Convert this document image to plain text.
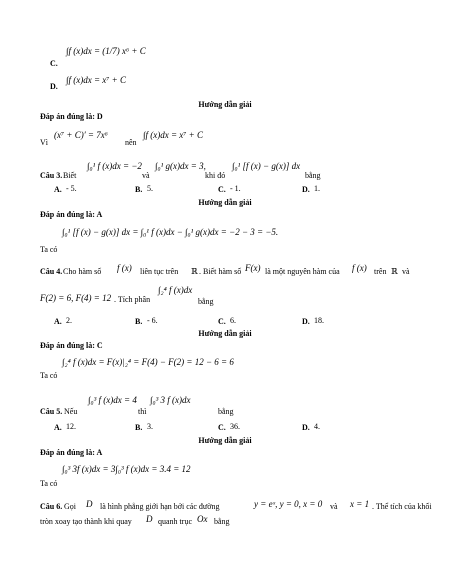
C.
∫f (x)dx = (1/7) x⁶ + C
D.
∫f (x)dx = x⁷ + C
Hướng dẫn giải
Đáp án đúng là: D
Vì
(x⁷ + C)′ = 7x⁶
nên
∫f (x)dx = x⁷ + C
Câu 3. Biết
∫₀¹ f (x)dx = −2
và
∫₀¹ g(x)dx = 3,
khi đó
∫₀¹ [f (x) − g(x)] dx
bằng
A. - 5.	B. 5.	C. - 1.	D. 1.
Hướng dẫn giải
Đáp án đúng là: A
∫₀¹ [f (x) − g(x)] dx = ∫₀¹ f (x)dx − ∫₀¹ g(x)dx = −2 − 3 = −5.
Ta có
Câu 4. Cho hàm số f (x) liên tục trên ℝ . Biết hàm số F(x) là một nguyên hàm của f (x) trên ℝ và
F(2) = 6, F(4) = 12 . Tích phân
∫₂⁴ f (x)dx
bằng
A. 2.	B. - 6.	C. 6.	D. 18.
Hướng dẫn giải
Đáp án đúng là: C
∫₂⁴ f (x)dx = F(x)|₂⁴ = F(4) − F(2) = 12 − 6 = 6
Ta có
Câu 5. Nếu
∫₀³ f (x)dx = 4
thì
∫₀³ 3 f (x)dx
bằng
A. 12.	B. 3.	C. 36.	D. 4.
Hướng dẫn giải
Đáp án đúng là: A
∫₀³ 3f (x)dx = 3∫₀³ f (x)dx = 3.4 = 12
Ta có
Câu 6. Gọi D là hình phẳng giới hạn bởi các đường	y = eˣ, y = 0, x = 0 và x = 1 . Thể tích của khối
tròn xoay tạo thành khi quay D quanh trục Ox bằng
